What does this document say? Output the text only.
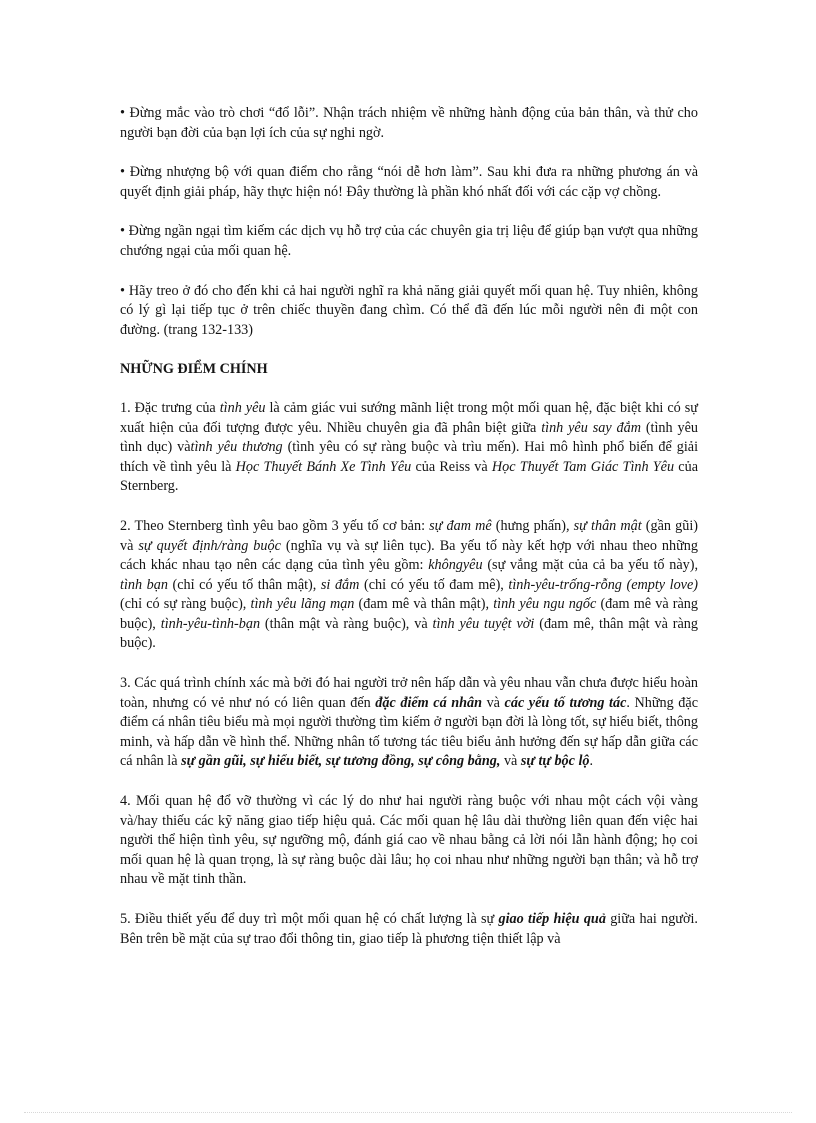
• Đừng mắc vào trò chơi “đổ lỗi”. Nhận trách nhiệm về những hành động của bản thân, và thử cho người bạn đời của bạn lợi ích của sự nghi ngờ.

• Đừng nhượng bộ với quan điểm cho rằng “nói dễ hơn làm”. Sau khi đưa ra những phương án và quyết định giải pháp, hãy thực hiện nó! Đây thường là phần khó nhất đối với các cặp vợ chồng.

• Đừng ngần ngại tìm kiếm các dịch vụ hỗ trợ của các chuyên gia trị liệu để giúp bạn vượt qua những chướng ngại của mối quan hệ.

• Hãy treo ở đó cho đến khi cả hai người nghĩ ra khả năng giải quyết mối quan hệ. Tuy nhiên, không có lý gì lại tiếp tục ở trên chiếc thuyền đang chìm. Có thể đã đến lúc mỗi người nên đi một con đường. (trang 132-133)

NHỮNG ĐIỂM CHÍNH

1. Đặc trưng của tình yêu là cảm giác vui sướng mãnh liệt trong một mối quan hệ, đặc biệt khi có sự xuất hiện của đối tượng được yêu. Nhiều chuyên gia đã phân biệt giữa tình yêu say đắm (tình yêu tình dục) vàtình yêu thương (tình yêu có sự ràng buộc và trìu mến). Hai mô hình phổ biến để giải thích về tình yêu là Học Thuyết Bánh Xe Tình Yêu của Reiss và Học Thuyết Tam Giác Tình Yêu của Sternberg.

2. Theo Sternberg tình yêu bao gồm 3 yếu tố cơ bản: sự đam mê (hưng phấn), sự thân mật (gần gũi) và sự quyết định/ràng buộc (nghĩa vụ và sự liên tục). Ba yếu tố này kết hợp với nhau theo những cách khác nhau tạo nên các dạng của tình yêu gồm: khôngyêu (sự vắng mặt của cả ba yếu tố này), tình bạn (chỉ có yếu tố thân mật), si đắm (chỉ có yếu tố đam mê), tình-yêu-trống-rỗng (empty love) (chỉ có sự ràng buộc), tình yêu lãng mạn (đam mê và thân mật), tình yêu ngu ngốc (đam mê và ràng buộc), tình-yêu-tình-bạn (thân mật và ràng buộc), và tình yêu tuyệt vời (đam mê, thân mật và ràng buộc).

3. Các quá trình chính xác mà bởi đó hai người trở nên hấp dẫn và yêu nhau vẫn chưa được hiểu hoàn toàn, nhưng có vẻ như nó có liên quan đến đặc điểm cá nhân và các yếu tố tương tác. Những đặc điểm cá nhân tiêu biểu mà mọi người thường tìm kiếm ở người bạn đời là lòng tốt, sự hiểu biết, thông minh, và hấp dẫn về hình thể. Những nhân tố tương tác tiêu biểu ảnh hưởng đến sự hấp dẫn giữa các cá nhân là sự gần gũi, sự hiểu biết, sự tương đồng, sự công bằng, và sự tự bộc lộ.

4. Mối quan hệ đổ vỡ thường vì các lý do như hai người ràng buộc với nhau một cách vội vàng và/hay thiếu các kỹ năng giao tiếp hiệu quả. Các mối quan hệ lâu dài thường liên quan đến việc hai người thể hiện tình yêu, sự ngưỡng mộ, đánh giá cao về nhau bằng cả lời nói lẫn hành động; họ coi mối quan hệ là quan trọng, là sự ràng buộc dài lâu; họ coi nhau như những người bạn thân; và hỗ trợ nhau về mặt tinh thần.

5. Điều thiết yếu để duy trì một mối quan hệ có chất lượng là sự giao tiếp hiệu quả giữa hai người. Bên trên bề mặt của sự trao đổi thông tin, giao tiếp là phương tiện thiết lập và
